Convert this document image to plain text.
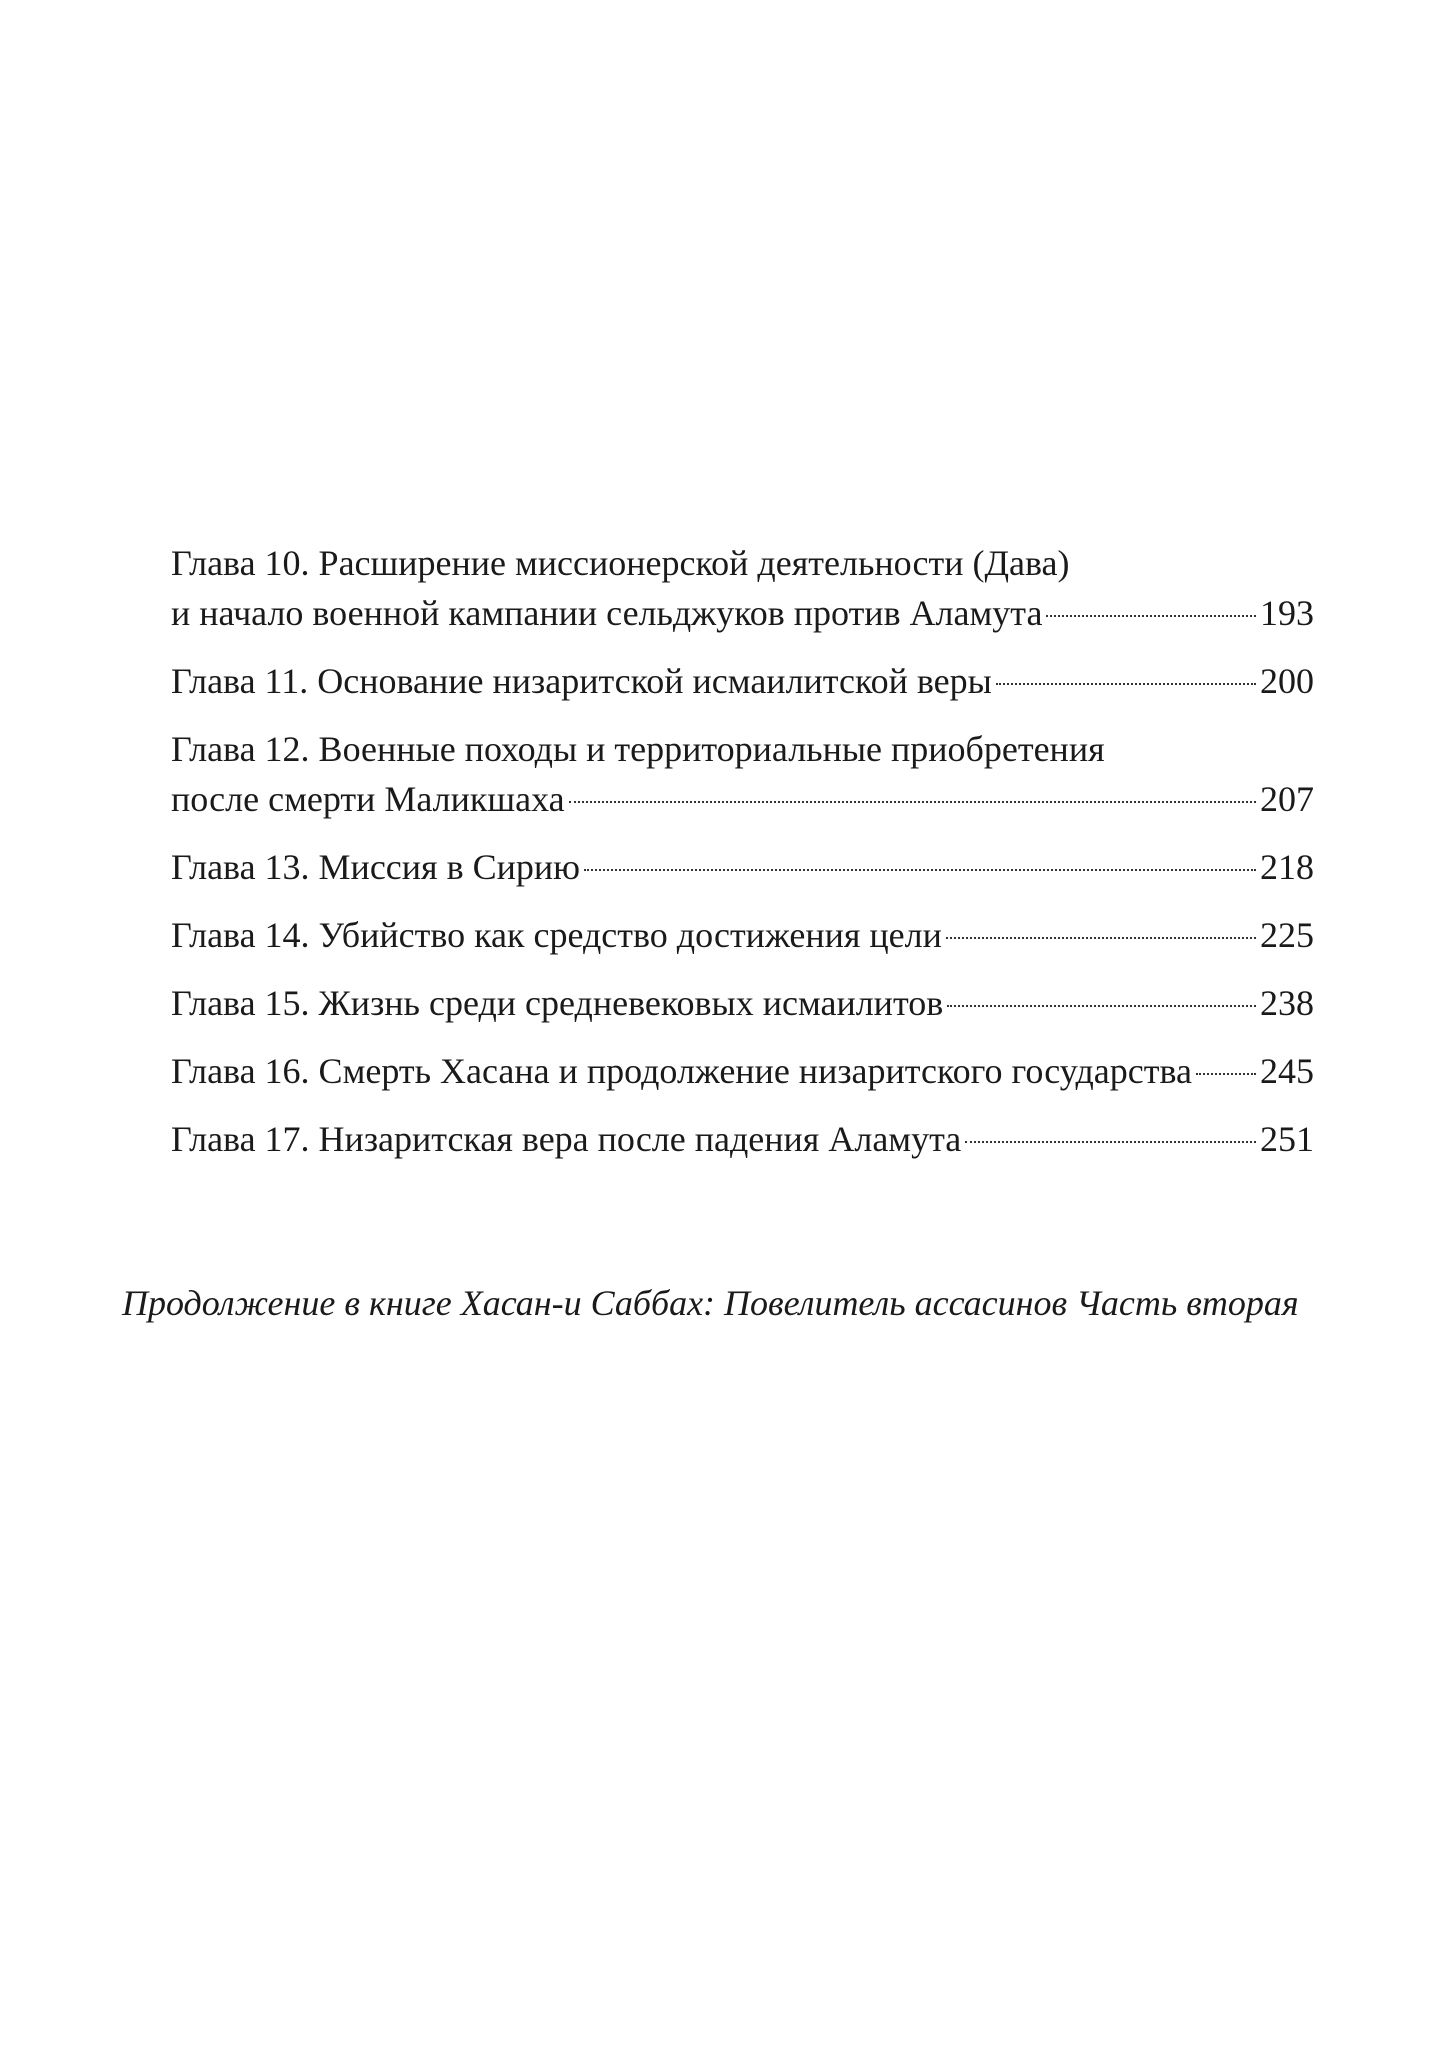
Глава 10. Расширение миссионерской деятельности (Дава)
и начало военной кампании сельджуков против Аламута	193
Глава 11. Основание низаритской исмаилитской веры	200
Глава 12. Военные походы и территориальные приобретения
после смерти Маликшаха	207
Глава 13. Миссия в Сирию	218
Глава 14. Убийство как средство достижения цели	225
Глава 15. Жизнь среди средневековых исмаилитов	238
Глава 16. Смерть Хасана и продолжение низаритского государства 245
Глава 17. Низаритская вера после падения Аламута	251
Продолжение в книге Хасан-и Саббах: Повелитель ассасинов Часть вторая
